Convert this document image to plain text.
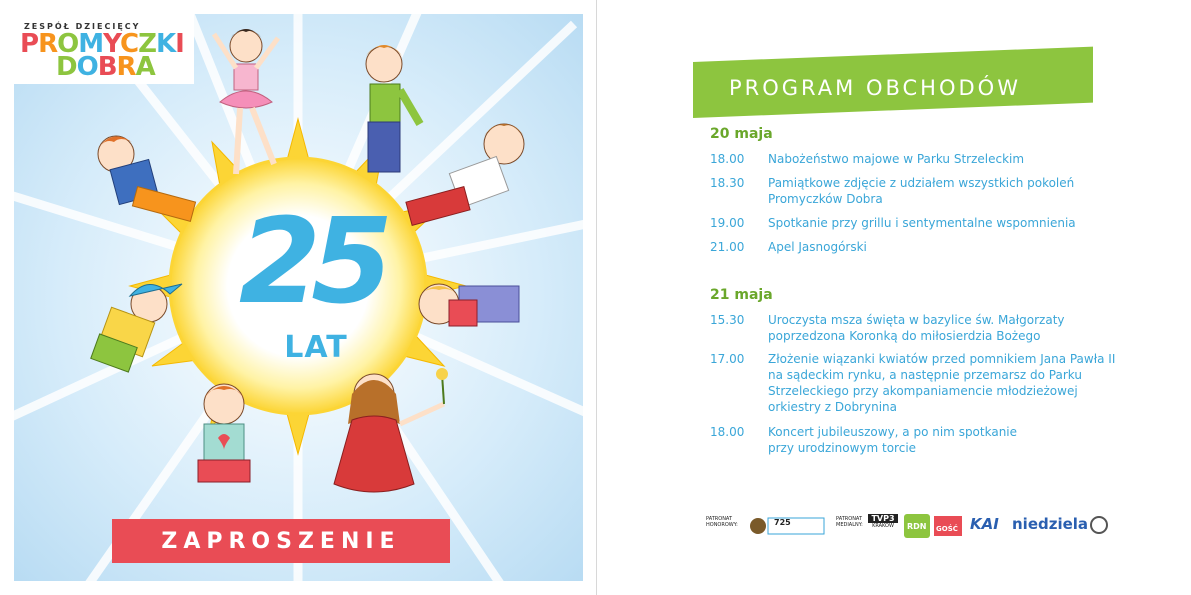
25
LAT
ZAPROSZENIE
ZESPÓŁ DZIECIĘCY
PROMYCZKI
DOBRA
PROGRAM OBCHODÓW
20 maja
18.00	Nabożeństwo majowe w Parku Strzeleckim
18.30	Pamiątkowe zdjęcie z udziałem wszystkich pokoleń
Promyczków Dobra
19.00	Spotkanie przy grillu i sentymentalne wspomnienia
21.00	Apel Jasnogórski
21 maja
15.30	Uroczysta msza święta w bazylice św. Małgorzaty
poprzedzona Koronką do miłosierdzia Bożego
17.00	Złożenie wiązanki kwiatów przed pomnikiem Jana Pawła II
na sądeckim rynku, a następnie przemarsz do Parku
Strzeleckiego przy akompaniamencie młodzieżowej
orkiestry z Dobrynina
18.00	Koncert jubileuszowy, a po nim spotkanie
przy urodzinowym torcie
PATRONAT HONOROWY:	725	PATRONAT MEDIALNY:
TVP3
KRAKÓW	RDN	GOŚĆ KAI niedziela
